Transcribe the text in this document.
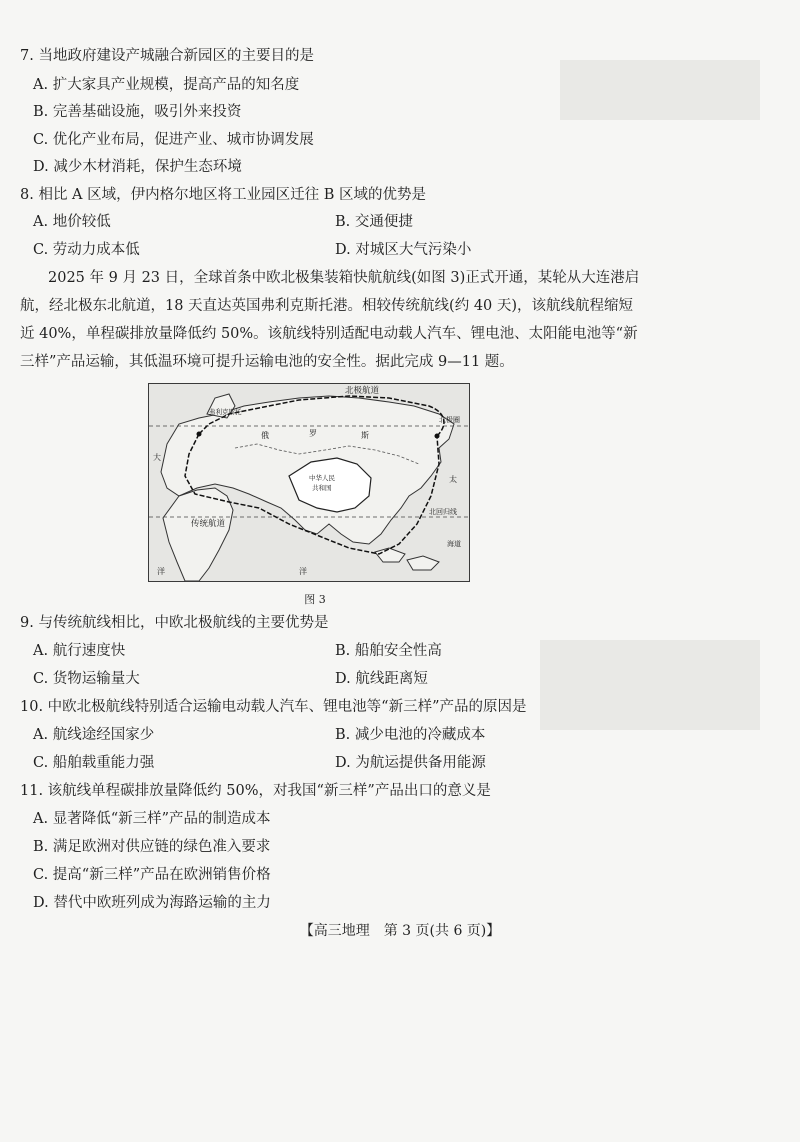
7. 当地政府建设产城融合新园区的主要目的是
A. 扩大家具产业规模，提高产品的知名度
B. 完善基础设施，吸引外来投资
C. 优化产业布局，促进产业、城市协调发展
D. 减少木材消耗，保护生态环境
8. 相比 A 区域，伊内格尔地区将工业园区迁往 B 区域的优势是
A. 地价较低	B. 交通便捷
C. 劳动力成本低	D. 对城区大气污染小
2025 年 9 月 23 日，全球首条中欧北极集装箱快航航线(如图 3)正式开通，某轮从大连港启
航，经北极东北航道，18 天直达英国弗利克斯托港。相较传统航线(约 40 天)，该航线航程缩短
近 40%，单程碳排放量降低约 50%。该航线特别适配电动载人汽车、锂电池、太阳能电池等“新
三样”产品运输，其低温环境可提升运输电池的安全性。据此完成 9—11 题。
北极航道
北极圈
弗利克斯托
俄	罗	斯
中华人民
共和国
传统航道
北回归线
太
大
洋	洋
海道
图 3
9. 与传统航线相比，中欧北极航线的主要优势是
A. 航行速度快	B. 船舶安全性高
C. 货物运输量大	D. 航线距离短
10. 中欧北极航线特别适合运输电动载人汽车、锂电池等“新三样”产品的原因是
A. 航线途经国家少	B. 减少电池的冷藏成本
C. 船舶载重能力强	D. 为航运提供备用能源
11. 该航线单程碳排放量降低约 50%，对我国“新三样”产品出口的意义是
A. 显著降低“新三样”产品的制造成本
B. 满足欧洲对供应链的绿色准入要求
C. 提高“新三样”产品在欧洲销售价格
D. 替代中欧班列成为海路运输的主力
【高三地理　第 3 页(共 6 页)】
